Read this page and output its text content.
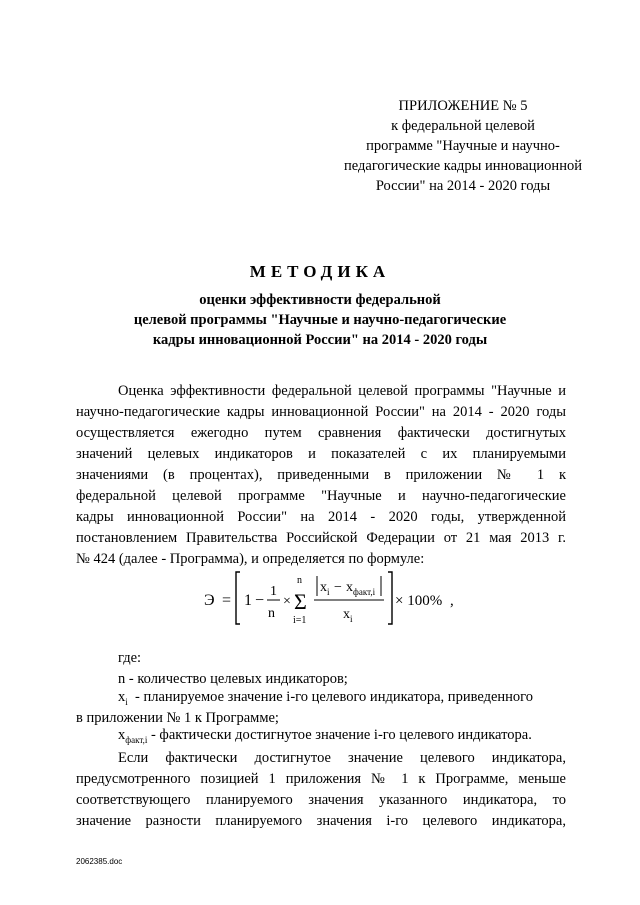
ПРИЛОЖЕНИЕ № 5
к федеральной целевой
программе "Научные и научно-
педагогические кадры инновационной
России" на 2014 - 2020 годы
МЕТОДИКА
оценки эффективности федеральной
целевой программы "Научные и научно-педагогические
кадры инновационной России" на 2014 - 2020 годы
Оценка эффективности федеральной целевой программы "Научные и
научно-педагогические кадры инновационной России" на 2014 - 2020 годы
осуществляется ежегодно путем сравнения фактически достигнутых
значений целевых индикаторов и показателей с их планируемыми
значениями (в процентах), приведенными в приложении № 1 к
федеральной целевой программе "Научные и научно-педагогические
кадры инновационной России" на 2014 - 2020 годы, утвержденной
постановлением Правительства Российской Федерации от 21 мая 2013 г.
№ 424 (далее - Программа), и определяется по формуле:
Э = 1 −
1
n
×
n
Σ
i=1
x i − x факт,i
x i
× 100% ,
где:
n - количество целевых индикаторов;
$x_i$ - планируемое значение i-го целевого индикатора, приведенного
в приложении № 1 к Программе;
$x_{факт,i}$ - фактически достигнутое значение i-го целевого индикатора.
Если фактически достигнутое значение целевого индикатора,
предусмотренного позицией 1 приложения № 1 к Программе, меньше
соответствующего планируемого значения указанного индикатора, то
значение разности планируемого значения i-го целевого индикатора,
2062385.doc
